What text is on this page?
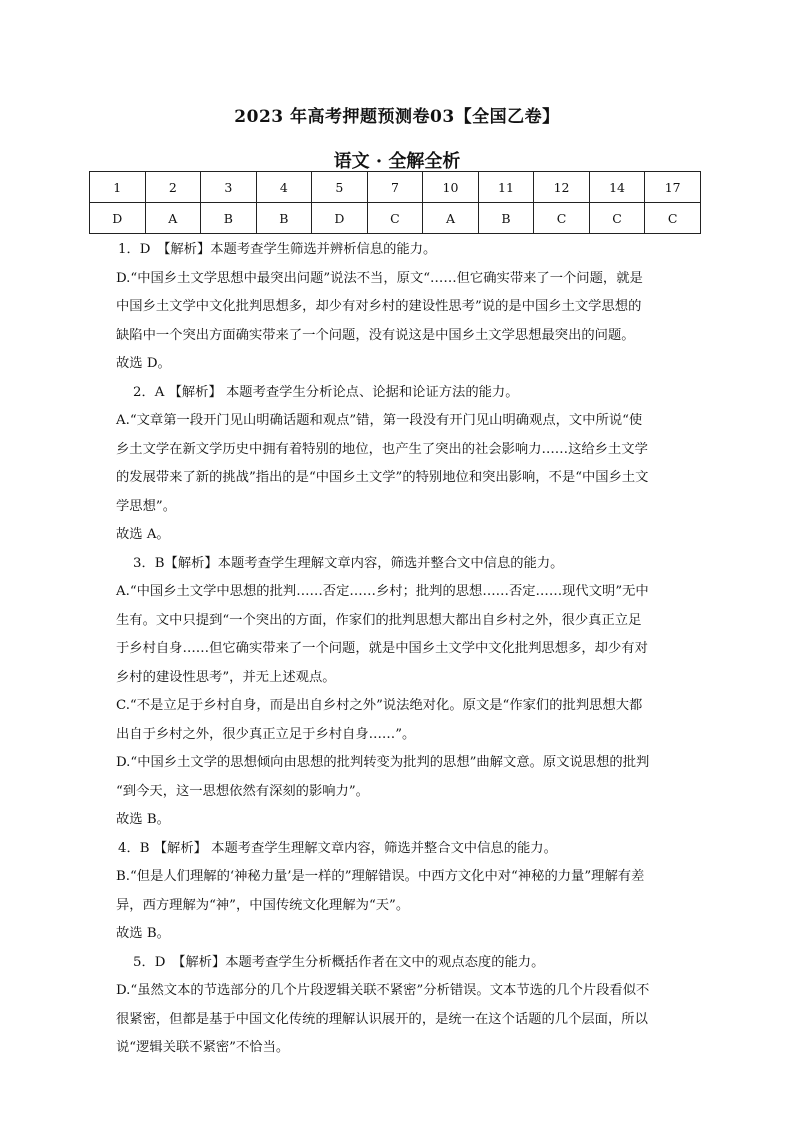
2023 年高考押题预测卷03【全国乙卷】
语文 · 全解全析
1	2	3	4	5	7	10	11	12	14	17
D	A	B	B	D	C	A	B	C	C	C

1．D　【解析】本题考查学生筛选并辨析信息的能力。

D.“中国乡土文学思想中最突出问题”说法不当，原文“……但它确实带来了一个问题，就是

中国乡土文学中文化批判思想多，却少有对乡村的建设性思考”说的是中国乡土文学思想的

缺陷中一个突出方面确实带来了一个问题，没有说这是中国乡土文学思想最突出的问题。

故选 D。

2．A 【解析】 本题考查学生分析论点、论据和论证方法的能力。

A.“文章第一段开门见山明确话题和观点”错，第一段没有开门见山明确观点，文中所说“使

乡土文学在新文学历史中拥有着特别的地位，也产生了突出的社会影响力……这给乡土文学

的发展带来了新的挑战”指出的是“中国乡土文学”的特别地位和突出影响，不是“中国乡土文

学思想”。

故选 A。

3．B【解析】本题考查学生理解文章内容，筛选并整合文中信息的能力。

A.“中国乡土文学中思想的批判……否定……乡村；批判的思想……否定……现代文明”无中

生有。文中只提到“一个突出的方面，作家们的批判思想大都出自乡村之外，很少真正立足

于乡村自身……但它确实带来了一个问题，就是中国乡土文学中文化批判思想多，却少有对

乡村的建设性思考”，并无上述观点。

C.“不是立足于乡村自身，而是出自乡村之外”说法绝对化。原文是“作家们的批判思想大都

出自于乡村之外，很少真正立足于乡村自身……”。

D.“中国乡土文学的思想倾向由思想的批判转变为批判的思想”曲解文意。原文说思想的批判

“到今天，这一思想依然有深刻的影响力”。

故选 B。

4．B 【解析】 本题考查学生理解文章内容，筛选并整合文中信息的能力。

B.“但是人们理解的‘神秘力量’是一样的”理解错误。中西方文化中对“神秘的力量”理解有差

异，西方理解为“神”，中国传统文化理解为“天”。

故选 B。

5．D　【解析】本题考查学生分析概括作者在文中的观点态度的能力。

D.“虽然文本的节选部分的几个片段逻辑关联不紧密”分析错误。文本节选的几个片段看似不

很紧密，但都是基于中国文化传统的理解认识展开的，是统一在这个话题的几个层面，所以

说“逻辑关联不紧密”不恰当。
